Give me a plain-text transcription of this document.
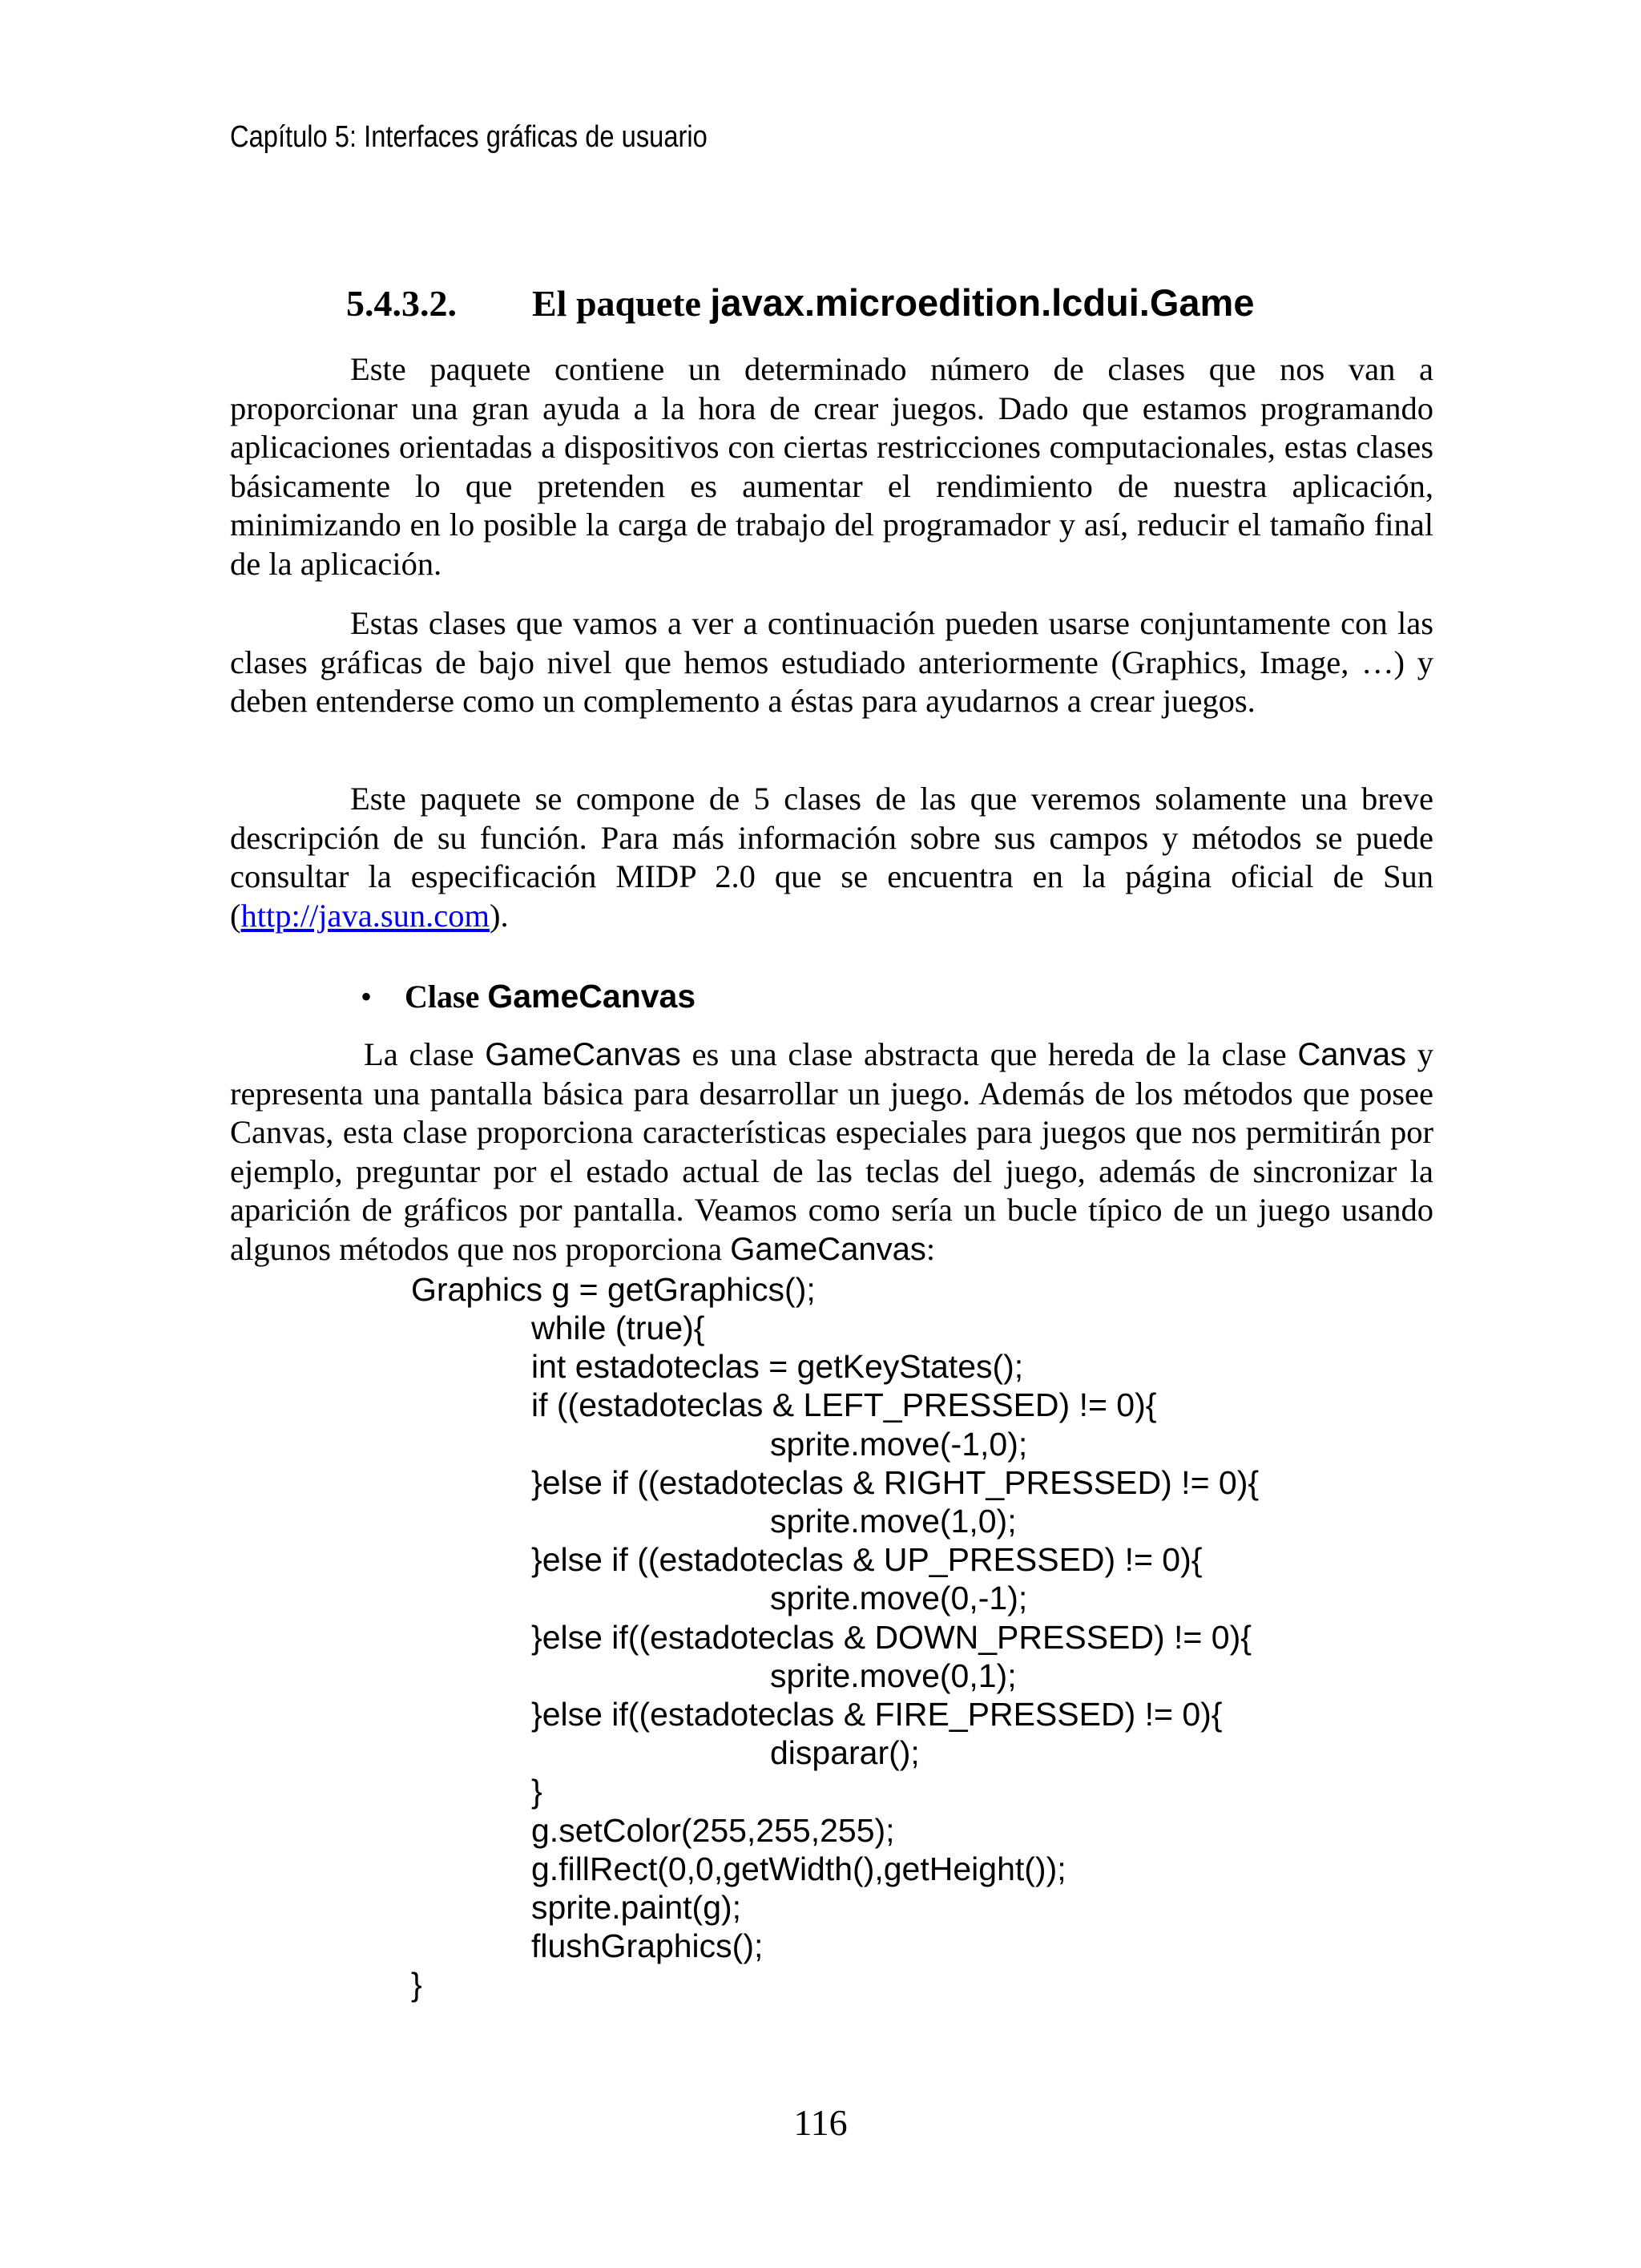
Capítulo 5: Interfaces gráficas de usuario
5.4.3.2. El paquete javax.microedition.lcdui.Game

Este paquete contiene un determinado número de clases que nos van a proporcionar una gran ayuda a la hora de crear juegos. Dado que estamos programando aplicaciones orientadas a dispositivos con ciertas restricciones computacionales, estas clases básicamente lo que pretenden es aumentar el rendimiento de nuestra aplicación, minimizando en lo posible la carga de trabajo del programador y así, reducir el tamaño final de la aplicación.

Estas clases que vamos a ver a continuación pueden usarse conjuntamente con las clases gráficas de bajo nivel que hemos estudiado anteriormente (Graphics, Image, …) y deben entenderse como un complemento a éstas para ayudarnos a crear juegos.

Este paquete se compone de 5 clases de las que veremos solamente una breve descripción de su función. Para más información sobre sus campos y métodos se puede consultar la especificación MIDP 2.0 que se encuentra en la página oficial de Sun (http://java.sun.com).

• Clase GameCanvas

La clase GameCanvas es una clase abstracta que hereda de la clase Canvas y representa una pantalla básica para desarrollar un juego. Además de los métodos que posee Canvas, esta clase proporciona características especiales para juegos que nos permitirán por ejemplo, preguntar por el estado actual de las teclas del juego, además de sincronizar la aparición de gráficos por pantalla. Veamos como sería un bucle típico de un juego usando algunos métodos que nos proporciona GameCanvas:

Graphics g = getGraphics();
while (true){
int estadoteclas = getKeyStates();
if ((estadoteclas & LEFT_PRESSED) != 0){
sprite.move(-1,0);
}else if ((estadoteclas & RIGHT_PRESSED) != 0){
sprite.move(1,0);
}else if ((estadoteclas & UP_PRESSED) != 0){
sprite.move(0,-1);
}else if((estadoteclas & DOWN_PRESSED) != 0){
sprite.move(0,1);
}else if((estadoteclas & FIRE_PRESSED) != 0){
disparar();
}
g.setColor(255,255,255);
g.fillRect(0,0,getWidth(),getHeight());
sprite.paint(g);
flushGraphics();
}
116
